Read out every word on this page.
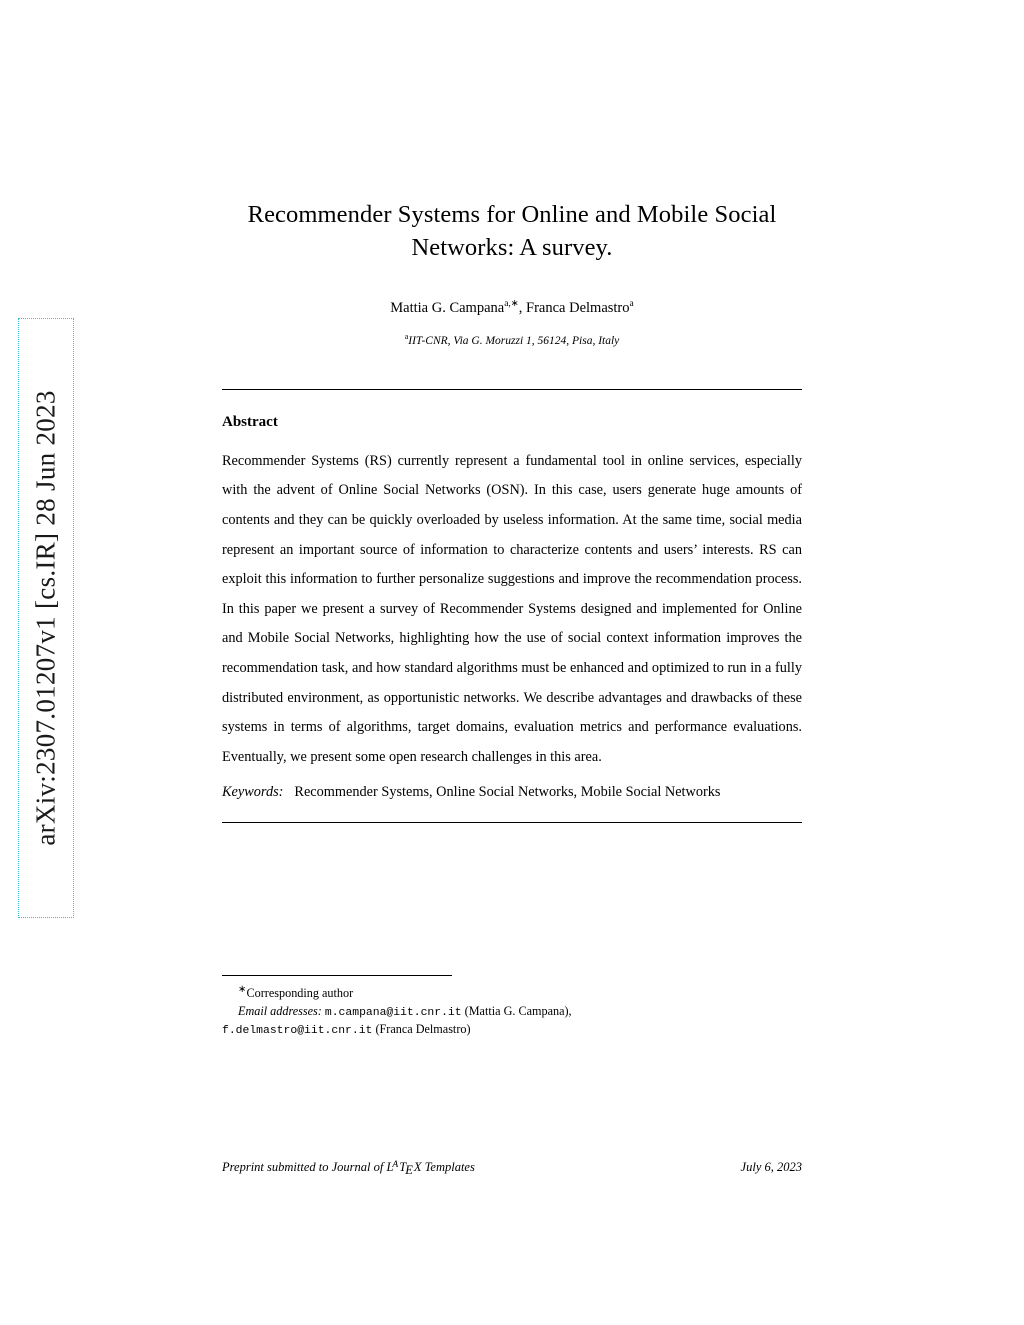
arXiv:2307.01207v1 [cs.IR] 28 Jun 2023
Recommender Systems for Online and Mobile Social Networks: A survey.
Mattia G. Campana$^{a,∗}$, Franca Delmastro$^a$
$^a$IIT-CNR, Via G. Moruzzi 1, 56124, Pisa, Italy
Abstract
Recommender Systems (RS) currently represent a fundamental tool in online services, especially with the advent of Online Social Networks (OSN). In this case, users generate huge amounts of contents and they can be quickly overloaded by useless information. At the same time, social media represent an important source of information to characterize contents and users’ interests. RS can exploit this information to further personalize suggestions and improve the recommendation process. In this paper we present a survey of Recommender Systems designed and implemented for Online and Mobile Social Networks, highlighting how the use of social context information improves the recommendation task, and how standard algorithms must be enhanced and optimized to run in a fully distributed environment, as opportunistic networks. We describe advantages and drawbacks of these systems in terms of algorithms, target domains, evaluation metrics and performance evaluations. Eventually, we present some open research challenges in this area.
Keywords: Recommender Systems, Online Social Networks, Mobile Social Networks
∗Corresponding author
Email addresses: m.campana@iit.cnr.it (Mattia G. Campana),
f.delmastro@iit.cnr.it (Franca Delmastro)
Preprint submitted to Journal of $L^ATEX$ Templates	July 6, 2023
